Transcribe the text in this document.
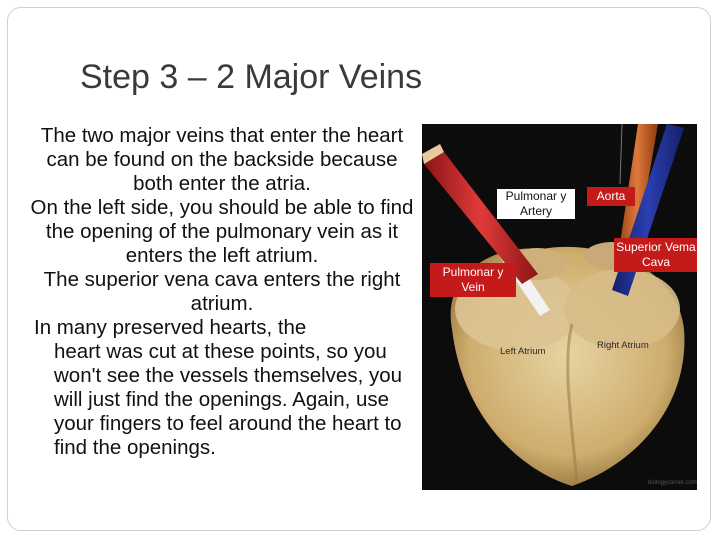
Step 3 – 2 Major Veins

The two major veins that enter the heart can be found on the backside because both enter the atria.

On the left side, you should be able to find the opening of the pulmonary vein as it enters the left atrium.

The superior vena cava enters the right atrium.

In many preserved hearts, the
heart was cut at these points, so you won't see the vessels themselves, you will just find the openings. Again, use your fingers to feel around the heart to find the openings.

Pulmonar y Artery
Aorta
Superior Vema Cava
Pulmonar y Vein
Left Atrium
Right Atrium
biologycorner.com
